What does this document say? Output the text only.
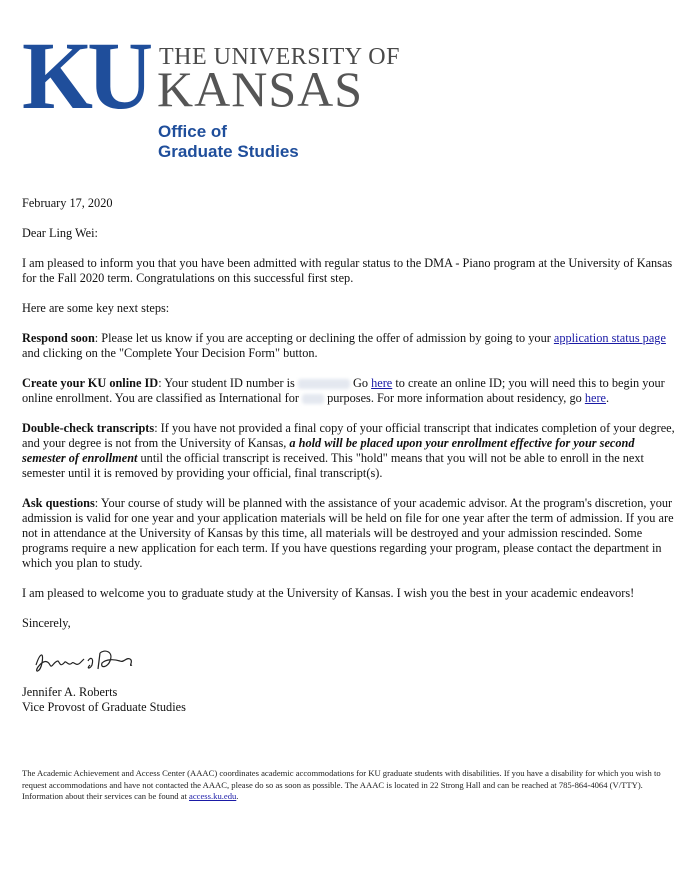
KU THE UNIVERSITY OF
KANSAS
Office of
Graduate Studies

February 17, 2020

Dear Ling Wei:

I am pleased to inform you that you have been admitted with regular status to the DMA - Piano program at the University of Kansas for the Fall 2020 term. Congratulations on this successful first step.

Here are some key next steps:

Respond soon: Please let us know if you are accepting or declining the offer of admission by going to your application status page and clicking on the "Complete Your Decision Form" button.

Create your KU online ID: Your student ID number is	Go here to create an online ID; you will need this to begin your online enrollment. You are classified as International for  purposes. For more information about residency, go here.

Double-check transcripts: If you have not provided a final copy of your official transcript that indicates completion of your degree, and your degree is not from the University of Kansas, a hold will be placed upon your enrollment effective for your second semester of enrollment until the official transcript is received. This "hold" means that you will not be able to enroll in the next semester until it is removed by providing your official, final transcript(s).

Ask questions: Your course of study will be planned with the assistance of your academic advisor. At the program's discretion, your admission is valid for one year and your application materials will be held on file for one year after the term of admission. If you are not in attendance at the University of Kansas by this time, all materials will be destroyed and your admission rescinded. Some programs require a new application for each term. If you have questions regarding your program, please contact the department in which you plan to study.

I am pleased to welcome you to graduate study at the University of Kansas. I wish you the best in your academic endeavors!

Sincerely,

Jennifer A. Roberts

Vice Provost of Graduate Studies

The Academic Achievement and Access Center (AAAC) coordinates academic accommodations for KU graduate students with disabilities. If you have a disability for which you wish to request accommodations and have not contacted the AAAC, please do so as soon as possible. The AAAC is located in 22 Strong Hall and can be reached at 785-864-4064 (V/TTY). Information about their services can be found at access.ku.edu.
